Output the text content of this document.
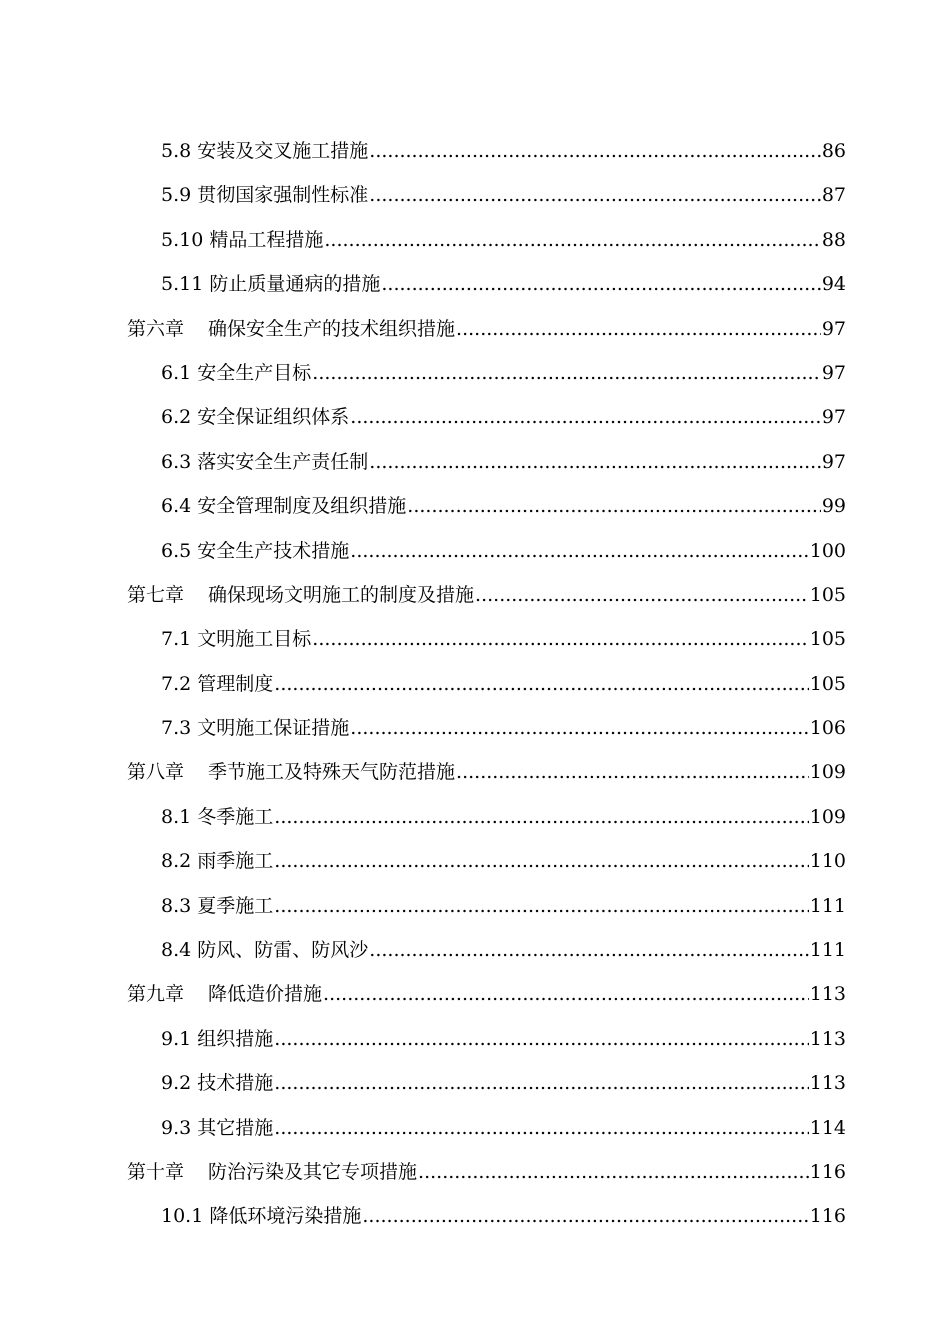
5.8 安装及交叉施工措施 .....	86
5.9 贯彻国家强制性标准 .....	87
5.10 精品工程措施 .....	88
5.11 防止质量通病的措施 .....	94
第六章 确保安全生产的技术组织措施 .....	97
6.1 安全生产目标 .....	97
6.2 安全保证组织体系 .....	97
6.3 落实安全生产责任制 .....	97
6.4 安全管理制度及组织措施 .....	99
6.5 安全生产技术措施 .....	100
第七章 确保现场文明施工的制度及措施 .....	105
7.1 文明施工目标 .....	105
7.2 管理制度 .....	105
7.3 文明施工保证措施 .....	106
第八章 季节施工及特殊天气防范措施 .....	109
8.1 冬季施工 .....	109
8.2 雨季施工 .....	110
8.3 夏季施工 .....	111
8.4 防风、防雷、防风沙 .....	111
第九章 降低造价措施 .....	113
9.1 组织措施 .....	113
9.2 技术措施 .....	113
9.3 其它措施 .....	114
第十章 防治污染及其它专项措施 .....	116
10.1 降低环境污染措施 .....	116
